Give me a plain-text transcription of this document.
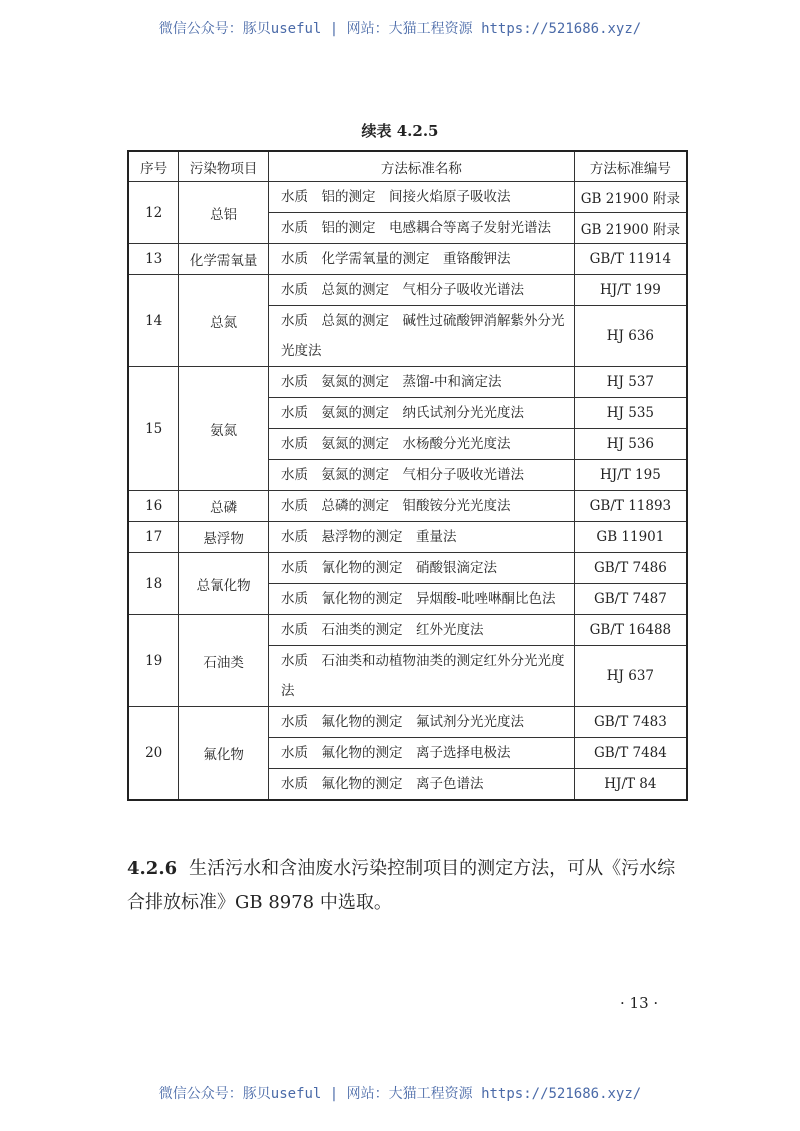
微信公众号：豚贝useful | 网站：大猫工程资源 https://521686.xyz/
续表 4.2.5
序号	污染物项目	方法标准名称	方法标准编号
12	总铝	水质　铝的测定　间接火焰原子吸收法	GB 21900 附录
		水质　铝的测定　电感耦合等离子发射光谱法	GB 21900 附录
13	化学需氧量	水质　化学需氧量的测定　重铬酸钾法	GB/T 11914
14	总氮	水质　总氮的测定　气相分子吸收光谱法	HJ/T 199
		水质　总氮的测定　碱性过硫酸钾消解紫外分光光度法	HJ 636
15	氨氮	水质　氨氮的测定　蒸馏-中和滴定法	HJ 537
		水质　氨氮的测定　纳氏试剂分光光度法	HJ 535
		水质　氨氮的测定　水杨酸分光光度法	HJ 536
		水质　氨氮的测定　气相分子吸收光谱法	HJ/T 195
16	总磷	水质　总磷的测定　钼酸铵分光光度法	GB/T 11893
17	悬浮物	水质　悬浮物的测定　重量法	GB 11901
18	总氰化物	水质　氰化物的测定　硝酸银滴定法	GB/T 7486
		水质　氰化物的测定　异烟酸-吡唑啉酮比色法	GB/T 7487
19	石油类	水质　石油类的测定　红外光度法	GB/T 16488
		水质　石油类和动植物油类的测定红外分光光度法	HJ 637
20	氟化物	水质　氟化物的测定　氟试剂分光光度法	GB/T 7483
		水质　氟化物的测定　离子选择电极法	GB/T 7484
		水质　氟化物的测定　离子色谱法	HJ/T 84
4.2.6 生活污水和含油废水污染控制项目的测定方法，可从《污水综合排放标准》GB 8978 中选取。
· 13 ·
微信公众号：豚贝useful | 网站：大猫工程资源 https://521686.xyz/
